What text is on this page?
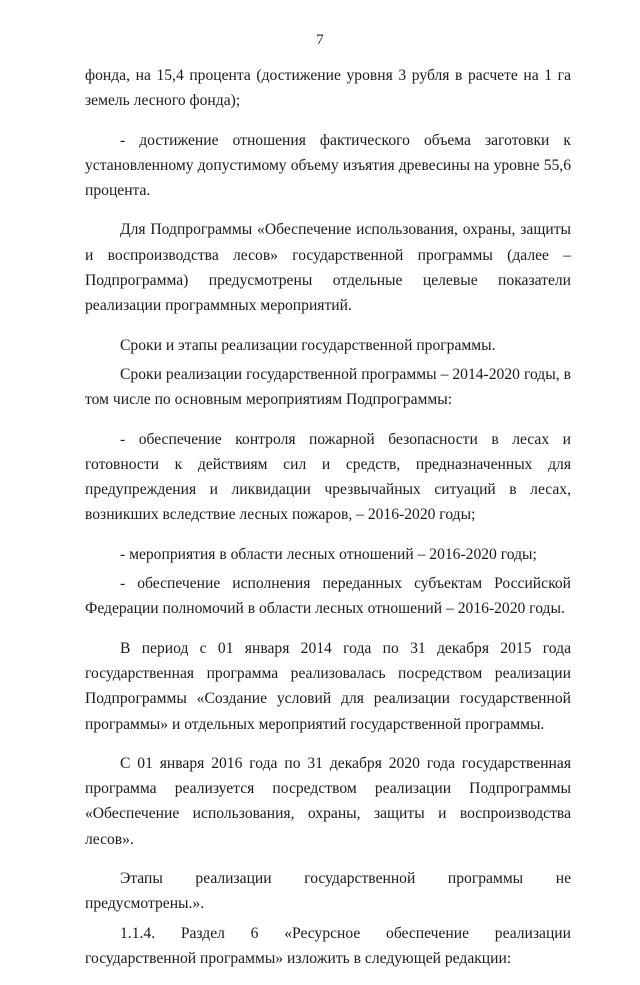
7

фонда, на 15,4 процента (достижение уровня 3 рубля в расчете на 1 га земель лесного фонда);

- достижение отношения фактического объема заготовки к установленному допустимому объему изъятия древесины на уровне 55,6 процента.

Для Подпрограммы «Обеспечение использования, охраны, защиты и воспроизводства лесов» государственной программы (далее – Подпрограмма) предусмотрены отдельные целевые показатели реализации программных мероприятий.

Сроки и этапы реализации государственной программы.

Сроки реализации государственной программы – 2014-2020 годы, в том числе по основным мероприятиям Подпрограммы:

- обеспечение контроля пожарной безопасности в лесах и готовности к действиям сил и средств, предназначенных для предупреждения и ликвидации чрезвычайных ситуаций в лесах, возникших вследствие лесных пожаров, – 2016-2020 годы;

- мероприятия в области лесных отношений – 2016-2020 годы;

- обеспечение исполнения переданных субъектам Российской Федерации полномочий в области лесных отношений – 2016-2020 годы.

В период с 01 января 2014 года по 31 декабря 2015 года государственная программа реализовалась посредством реализации Подпрограммы «Создание условий для реализации государственной программы» и отдельных мероприятий государственной программы.

С 01 января 2016 года по 31 декабря 2020 года государственная программа реализуется посредством реализации Подпрограммы «Обеспечение использования, охраны, защиты и воспроизводства лесов».

Этапы реализации государственной программы не предусмотрены.».

1.1.4. Раздел 6 «Ресурсное обеспечение реализации государственной программы» изложить в следующей редакции:
